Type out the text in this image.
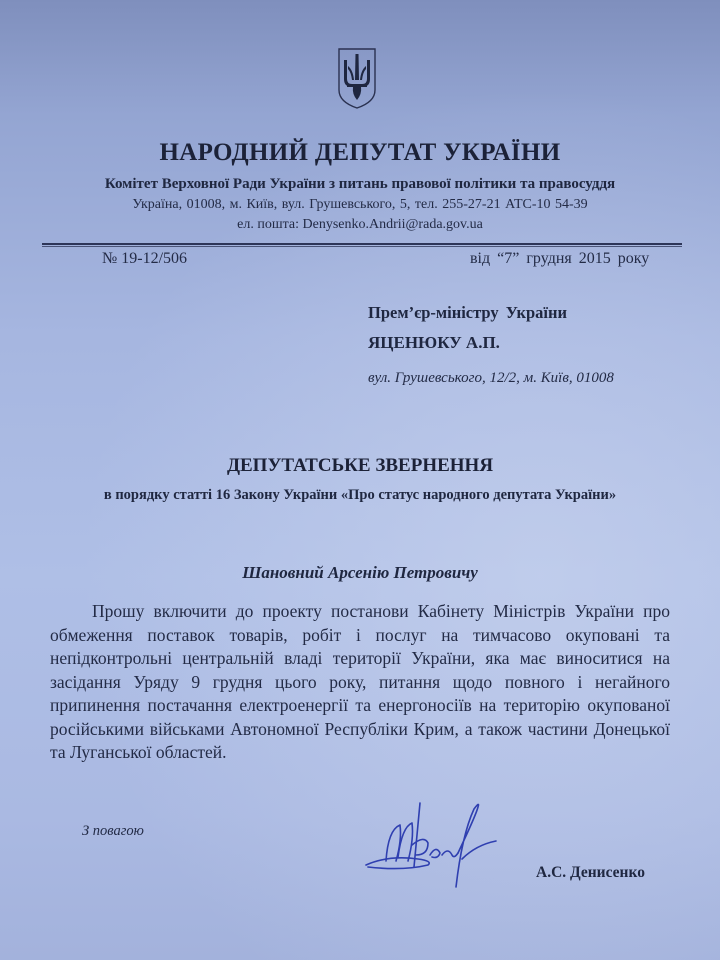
НАРОДНИЙ ДЕПУТАТ УКРАЇНИ
Комітет Верховної Ради України з питань правової політики та правосуддя
Україна, 01008, м. Київ, вул. Грушевського, 5, тел. 255-27-21 АТС-10 54-39
ел. пошта: Denysenko.Andrii@rada.gov.ua
№ 19-12/506	від “7” грудня 2015 року
Прем’єр-міністру України
ЯЦЕНЮКУ А.П.
вул. Грушевського, 12/2, м. Київ, 01008
ДЕПУТАТСЬКЕ ЗВЕРНЕННЯ
в порядку статті 16 Закону України «Про статус народного депутата України»
Шановний Арсенію Петровичу

Прошу включити до проекту постанови Кабінету Міністрів України про обмеження поставок товарів, робіт і послуг на тимчасово окуповані та непідконтрольні центральній владі території України, яка має виноситися на засідання Уряду 9 грудня цього року, питання щодо повного і негайного припинення постачання електроенергії та енергоносіїв на територію окупованої російськими військами Автономної Республіки Крим, а також частини Донецької та Луганської областей.

З повагою
А.С. Денисенко
